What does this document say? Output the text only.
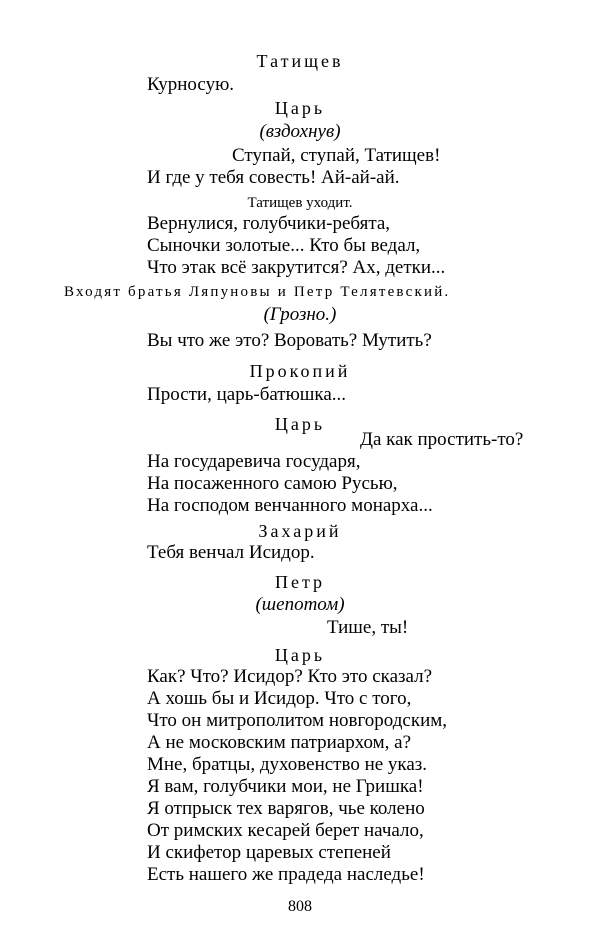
Татищев
Курносую.
Царь
(вздохнув)
Ступай, ступай, Татищев!
И где у тебя совесть! Ай-ай-ай.
Татищев уходит.
Вернулися, голубчики-ребята,
Сыночки золотые... Кто бы ведал,
Что этак всё закрутится? Ах, детки...
Входят братья Ляпуновы и Петр Телятевский.
(Грозно.)
Вы что же это? Воровать? Мутить?
Прокопий
Прости, царь-батюшка...
Царь
Да как простить-то?
На государевича государя,
На посаженного самою Русью,
На господом венчанного монарха...
Захарий
Тебя венчал Исидор.
Петр
(шепотом)
Тише, ты!
Царь
Как? Что? Исидор? Кто это сказал?
А хошь бы и Исидор. Что с того,
Что он митрополитом новгородским,
А не московским патриархом, а?
Мне, братцы, духовенство не указ.
Я вам, голубчики мои, не Гришка!
Я отпрыск тех варягов, чье колено
От римских кесарей берет начало,
И скифетор царевых степеней
Есть нашего же прадеда наследье!
808
